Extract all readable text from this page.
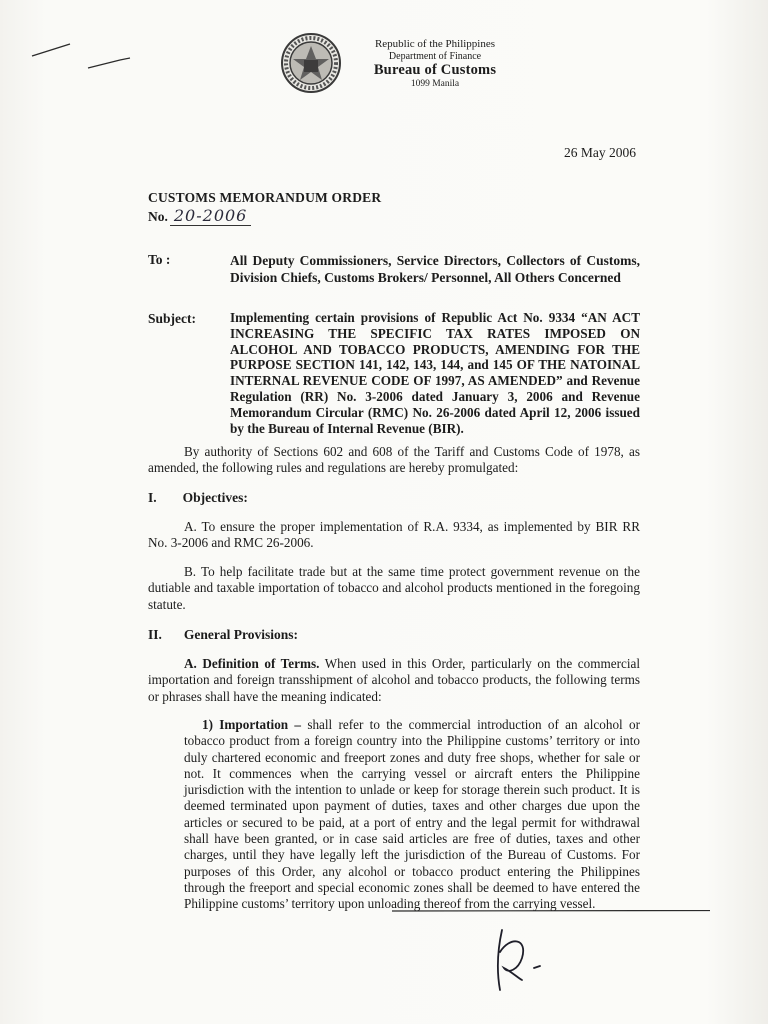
Republic of the Philippines
Department of Finance
Bureau of Customs
1099 Manila
26 May 2006
CUSTOMS MEMORANDUM ORDER
No. 20-2006
To :	All Deputy Commissioners, Service Directors, Collectors of Customs, Division Chiefs, Customs Brokers/ Personnel, All Others Concerned
Subject:	Implementing certain provisions of Republic Act No. 9334 “AN ACT INCREASING THE SPECIFIC TAX RATES IMPOSED ON ALCOHOL AND TOBACCO PRODUCTS, AMENDING FOR THE PURPOSE SECTION 141, 142, 143, 144, and 145 OF THE NATOINAL INTERNAL REVENUE CODE OF 1997, AS AMENDED” and Revenue Regulation (RR) No. 3-2006 dated January 3, 2006 and Revenue Memorandum Circular (RMC) No. 26-2006 dated April 12, 2006 issued by the Bureau of Internal Revenue (BIR).
By authority of Sections 602 and 608 of the Tariff and Customs Code of 1978, as amended, the following rules and regulations are hereby promulgated:
I. Objectives:
A. To ensure the proper implementation of R.A. 9334, as implemented by BIR RR No. 3-2006 and RMC 26-2006.
B. To help facilitate trade but at the same time protect government revenue on the dutiable and taxable importation of tobacco and alcohol products mentioned in the foregoing statute.
II. General Provisions:
A. Definition of Terms. When used in this Order, particularly on the commercial importation and foreign transshipment of alcohol and tobacco products, the following terms or phrases shall have the meaning indicated:
1) Importation – shall refer to the commercial introduction of an alcohol or tobacco product from a foreign country into the Philippine customs’ territory or into duly chartered economic and freeport zones and duty free shops, whether for sale or not. It commences when the carrying vessel or aircraft enters the Philippine jurisdiction with the intention to unlade or keep for storage therein such product. It is deemed terminated upon payment of duties, taxes and other charges due upon the articles or secured to be paid, at a port of entry and the legal permit for withdrawal shall have been granted, or in case said articles are free of duties, taxes and other charges, until they have legally left the jurisdiction of the Bureau of Customs. For purposes of this Order, any alcohol or tobacco product entering the Philippines through the freeport and special economic zones shall be deemed to have entered the Philippine customs’ territory upon unloading thereof from the carrying vessel.
